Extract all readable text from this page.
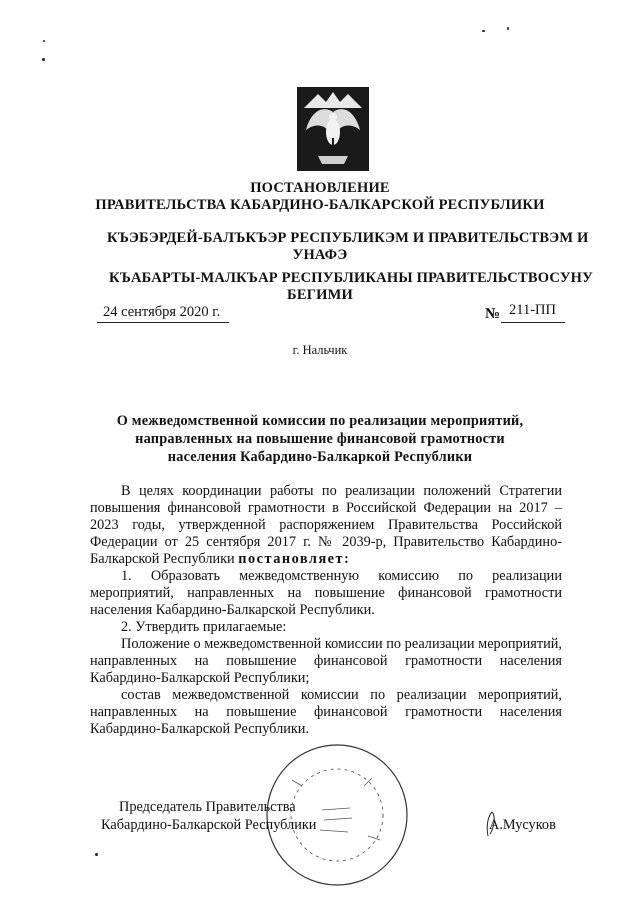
ПОСТАНОВЛЕНИЕ
ПРАВИТЕЛЬСТВА КАБАРДИНО-БАЛКАРСКОЙ РЕСПУБЛИКИ
КЪЭБЭРДЕЙ-БАЛЪКЪЭР РЕСПУБЛИКЭМ И ПРАВИТЕЛЬСТВЭМ И
УНАФЭ
КЪАБАРТЫ-МАЛКЪАР РЕСПУБЛИКАНЫ ПРАВИТЕЛЬСТВОСУНУ
БЕГИМИ
24 сентября 2020 г.	№ 211-ПП
г. Нальчик
О межведомственной комиссии по реализации мероприятий,
направленных на повышение финансовой грамотности
населения Кабардино-Балкаркой Республики
В целях координации работы по реализации положений Стратегии повышения финансовой грамотности в Российской Федерации на 2017 – 2023 годы, утвержденной распоряжением Правительства Российской Федерации от 25 сентября 2017 г. № 2039-р, Правительство Кабардино-Балкарской Республики постановляет:
1. Образовать межведомственную комиссию по реализации мероприятий, направленных на повышение финансовой грамотности населения Кабардино-Балкарской Республики.
2. Утвердить прилагаемые:
Положение о межведомственной комиссии по реализации мероприятий, направленных на повышение финансовой грамотности населения Кабардино-Балкарской Республики;
состав межведомственной комиссии по реализации мероприятий, направленных на повышение финансовой грамотности населения Кабардино-Балкарской Республики.
Председатель Правительства
Кабардино-Балкарской Республики	А.Мусуков
